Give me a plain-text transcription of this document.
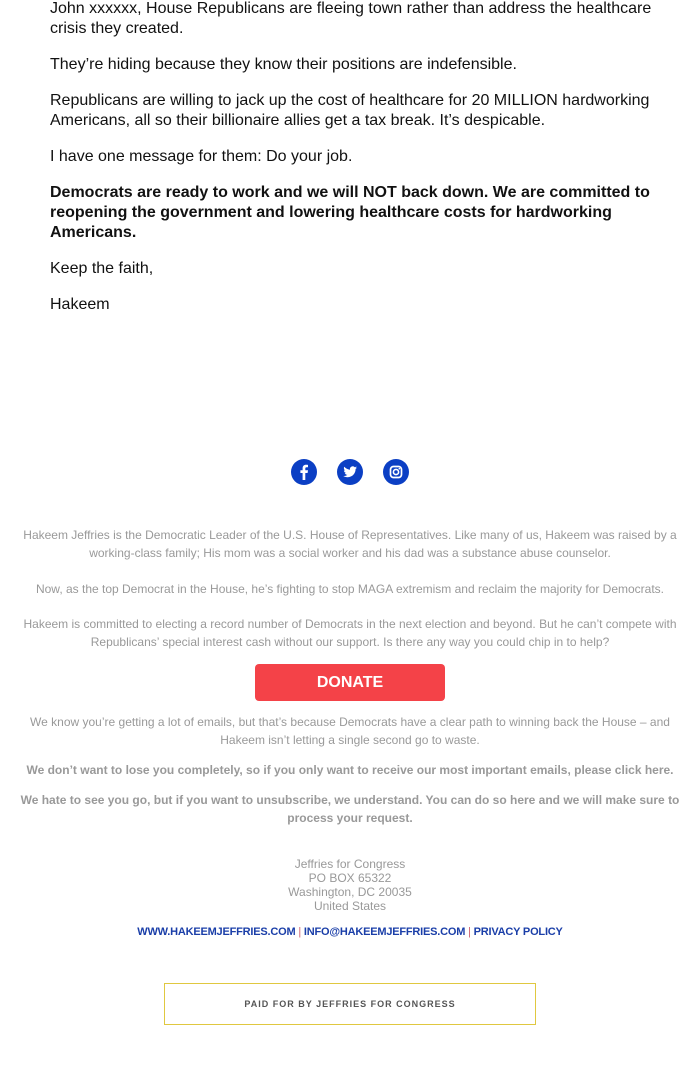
John xxxxxx, House Republicans are fleeing town rather than address the healthcare crisis they created.

They’re hiding because they know their positions are indefensible.

Republicans are willing to jack up the cost of healthcare for 20 MILLION hardworking Americans, all so their billionaire allies get a tax break. It’s despicable.

I have one message for them: Do your job.

Democrats are ready to work and we will NOT back down. We are committed to reopening the government and lowering healthcare costs for hardworking Americans.

Keep the faith,

Hakeem

Hakeem Jeffries is the Democratic Leader of the U.S. House of Representatives. Like many of us, Hakeem was raised by a working-class family; His mom was a social worker and his dad was a substance abuse counselor.
Now, as the top Democrat in the House, he’s fighting to stop MAGA extremism and reclaim the majority for Democrats.
Hakeem is committed to electing a record number of Democrats in the next election and beyond. But he can’t compete with Republicans’ special interest cash without our support. Is there any way you could chip in to help?
DONATE
We know you’re getting a lot of emails, but that’s because Democrats have a clear path to winning back the House – and Hakeem isn’t letting a single second go to waste.
We don’t want to lose you completely, so if you only want to receive our most important emails, please click here.
We hate to see you go, but if you want to unsubscribe, we understand. You can do so here and we will make sure to process your request.
Jeffries for Congress
PO BOX 65322
Washington, DC 20035
United States
WWW.HAKEEMJEFFRIES.COM | INFO@HAKEEMJEFFRIES.COM | PRIVACY POLICY
PAID FOR BY JEFFRIES FOR CONGRESS
